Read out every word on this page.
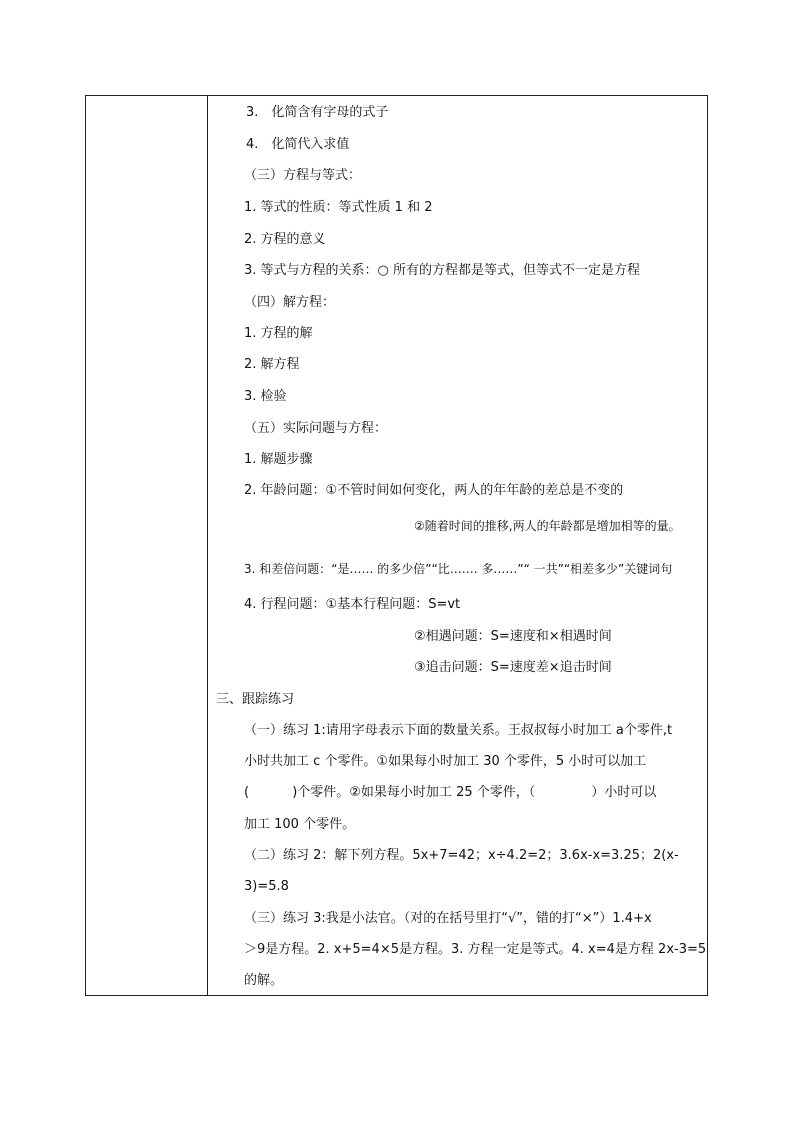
3.　化简含有字母的式子
4.　化简代入求值
（三）方程与等式：
1. 等式的性质：等式性质 1 和 2
2. 方程的意义
3. 等式与方程的关系：○ 所有的方程都是等式，但等式不一定是方程
（四）解方程：
1. 方程的解
2. 解方程
3. 检验
（五）实际问题与方程：
1. 解题步骤
2. 年龄问题：①不管时间如何变化，两人的年年龄的差总是不变的
②随着时间的推移,两人的年龄都是增加相等的量。
3. 和差倍问题：“是…… 的多少倍”“比……. 多……”“ 一共”“相差多少”关键词句
4. 行程问题：①基本行程问题：S=vt
②相遇问题：S=速度和×相遇时间
③追击问题：S=速度差×追击时间
三、跟踪练习
（一）练习 1:请用字母表示下面的数量关系。王叔叔每小时加工 a个零件,t
小时共加工 c 个零件。①如果每小时加工 30 个零件，5 小时可以加工
(　　　 )个零件。②如果每小时加工 25 个零件，（　　　　 ）小时可以
加工 100 个零件。
（二）练习 2：解下列方程。5x+7=42；x÷4.2=2；3.6x-x=3.25；2(x-
3)=5.8
（三）练习 3:我是小法官。（对的在括号里打“√”，错的打“×”）1.4+x
＞9是方程。2. x+5=4×5是方程。3. 方程一定是等式。4. x=4是方程 2x-3=5
的解。
